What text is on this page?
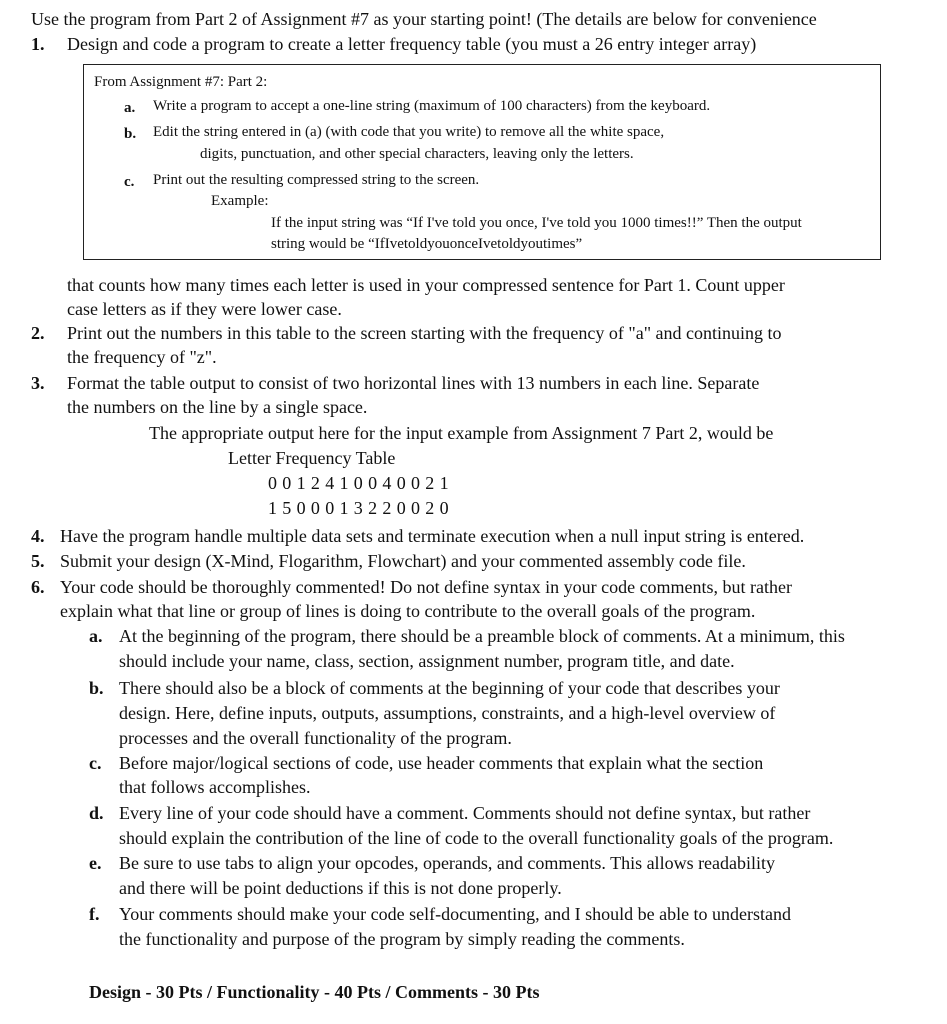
Use the program from Part 2 of Assignment #7 as your starting point! (The details are below for convenience
1. Design and code a program to create a letter frequency table (you must a 26 entry integer array)
From Assignment #7: Part 2:
a. Write a program to accept a one-line string (maximum of 100 characters) from the keyboard.
b. Edit the string entered in (a) (with code that you write) to remove all the white space,
digits, punctuation, and other special characters, leaving only the letters.
c. Print out the resulting compressed string to the screen.
Example:
If the input string was “If I've told you once, I've told you 1000 times!!” Then the output
string would be “IfIvetoldyouonceIvetoldyoutimes”
that counts how many times each letter is used in your compressed sentence for Part 1. Count upper
case letters as if they were lower case.
2. Print out the numbers in this table to the screen starting with the frequency of "a" and continuing to
the frequency of "z".
3. Format the table output to consist of two horizontal lines with 13 numbers in each line. Separate
the numbers on the line by a single space.
The appropriate output here for the input example from Assignment 7 Part 2, would be
Letter Frequency Table
0 0 1 2 4 1 0 0 4 0 0 2 1
1 5 0 0 0 1 3 2 2 0 0 2 0
4. Have the program handle multiple data sets and terminate execution when a null input string is entered.
5. Submit your design (X-Mind, Flogarithm, Flowchart) and your commented assembly code file.
6. Your code should be thoroughly commented! Do not define syntax in your code comments, but rather
explain what that line or group of lines is doing to contribute to the overall goals of the program.
a. At the beginning of the program, there should be a preamble block of comments. At a minimum, this
should include your name, class, section, assignment number, program title, and date.
b. There should also be a block of comments at the beginning of your code that describes your
design. Here, define inputs, outputs, assumptions, constraints, and a high-level overview of
processes and the overall functionality of the program.
c. Before major/logical sections of code, use header comments that explain what the section
that follows accomplishes.
d. Every line of your code should have a comment. Comments should not define syntax, but rather
should explain the contribution of the line of code to the overall functionality goals of the program.
e. Be sure to use tabs to align your opcodes, operands, and comments. This allows readability
and there will be point deductions if this is not done properly.
f. Your comments should make your code self-documenting, and I should be able to understand
the functionality and purpose of the program by simply reading the comments.
Design - 30 Pts / Functionality - 40 Pts / Comments - 30 Pts
